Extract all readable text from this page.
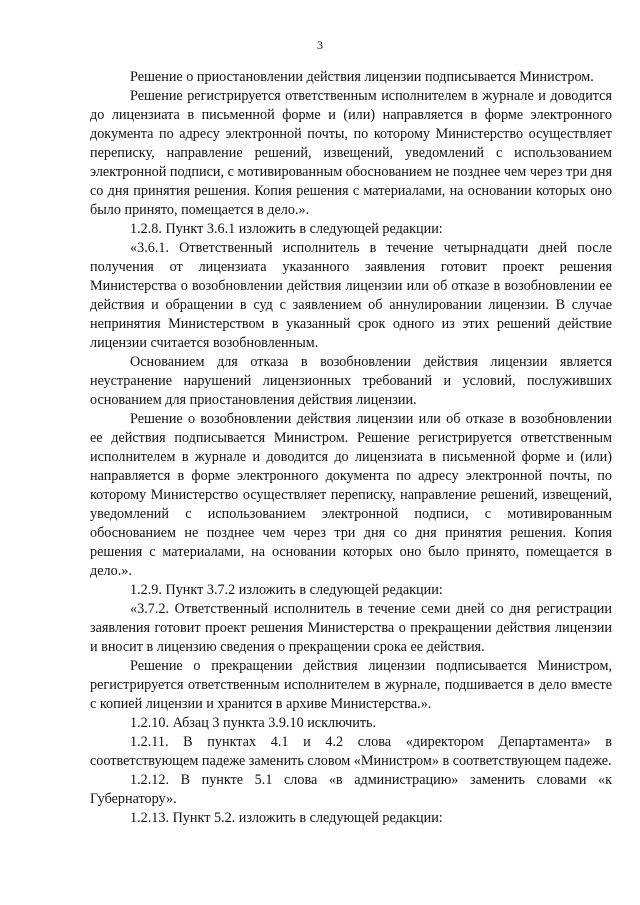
3

Решение о приостановлении действия лицензии подписывается Министром.

Решение регистрируется ответственным исполнителем в журнале и доводится до лицензиата в письменной форме и (или) направляется в форме электронного документа по адресу электронной почты, по которому Министерство осуществляет переписку, направление решений, извещений, уведомлений с использованием электронной подписи, с мотивированным обоснованием не позднее чем через три дня со дня принятия решения. Копия решения с материалами, на основании которых оно было принято, помещается в дело.».

1.2.8. Пункт 3.6.1 изложить в следующей редакции:

«3.6.1. Ответственный исполнитель в течение четырнадцати дней после получения от лицензиата указанного заявления готовит проект решения Министерства о возобновлении действия лицензии или об отказе в возобновлении ее действия и обращении в суд с заявлением об аннулировании лицензии. В случае непринятия Министерством в указанный срок одного из этих решений действие лицензии считается возобновленным.

Основанием для отказа в возобновлении действия лицензии является неустранение нарушений лицензионных требований и условий, послуживших основанием для приостановления действия лицензии.

Решение о возобновлении действия лицензии или об отказе в возобновлении ее действия подписывается Министром. Решение регистрируется ответственным исполнителем в журнале и доводится до лицензиата в письменной форме и (или) направляется в форме электронного документа по адресу электронной почты, по которому Министерство осуществляет переписку, направление решений, извещений, уведомлений с использованием электронной подписи, с мотивированным обоснованием не позднее чем через три дня со дня принятия решения. Копия решения с материалами, на основании которых оно было принято, помещается в дело.».

1.2.9. Пункт 3.7.2 изложить в следующей редакции:

«3.7.2. Ответственный исполнитель в течение семи дней со дня регистрации заявления готовит проект решения Министерства о прекращении действия лицензии и вносит в лицензию сведения о прекращении срока ее действия.

Решение о прекращении действия лицензии подписывается Министром, регистрируется ответственным исполнителем в журнале, подшивается в дело вместе с копией лицензии и хранится в архиве Министерства.».

1.2.10. Абзац 3 пункта 3.9.10 исключить.

1.2.11. В пунктах 4.1 и 4.2 слова «директором Департамента» в соответствующем падеже заменить словом «Министром» в соответствующем падеже.

1.2.12. В пункте 5.1 слова «в администрацию» заменить словами «к Губернатору».

1.2.13. Пункт 5.2. изложить в следующей редакции:
